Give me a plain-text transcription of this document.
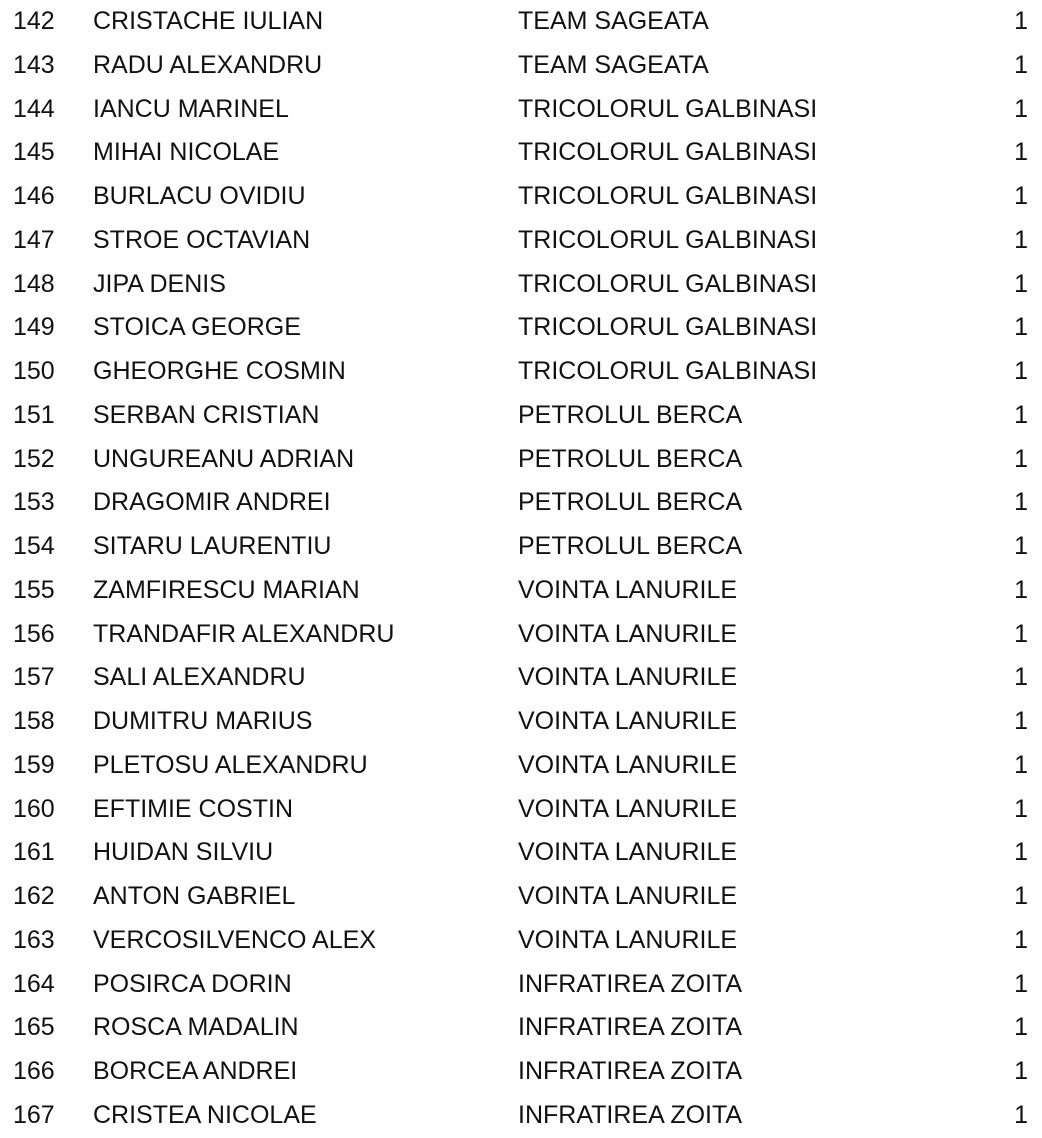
142	CRISTACHE IULIAN	TEAM SAGEATA	1
143	RADU ALEXANDRU	TEAM SAGEATA	1
144	IANCU MARINEL	TRICOLORUL GALBINASI	1
145	MIHAI NICOLAE	TRICOLORUL GALBINASI	1
146	BURLACU OVIDIU	TRICOLORUL GALBINASI	1
147	STROE OCTAVIAN	TRICOLORUL GALBINASI	1
148	JIPA DENIS	TRICOLORUL GALBINASI	1
149	STOICA GEORGE	TRICOLORUL GALBINASI	1
150	GHEORGHE COSMIN	TRICOLORUL GALBINASI	1
151	SERBAN CRISTIAN	PETROLUL BERCA	1
152	UNGUREANU ADRIAN	PETROLUL BERCA	1
153	DRAGOMIR ANDREI	PETROLUL BERCA	1
154	SITARU LAURENTIU	PETROLUL BERCA	1
155	ZAMFIRESCU MARIAN	VOINTA LANURILE	1
156	TRANDAFIR ALEXANDRU	VOINTA LANURILE	1
157	SALI ALEXANDRU	VOINTA LANURILE	1
158	DUMITRU MARIUS	VOINTA LANURILE	1
159	PLETOSU ALEXANDRU	VOINTA LANURILE	1
160	EFTIMIE COSTIN	VOINTA LANURILE	1
161	HUIDAN SILVIU	VOINTA LANURILE	1
162	ANTON GABRIEL	VOINTA LANURILE	1
163	VERCOSILVENCO ALEX	VOINTA LANURILE	1
164	POSIRCA DORIN	INFRATIREA ZOITA	1
165	ROSCA MADALIN	INFRATIREA ZOITA	1
166	BORCEA ANDREI	INFRATIREA ZOITA	1
167	CRISTEA NICOLAE	INFRATIREA ZOITA	1
